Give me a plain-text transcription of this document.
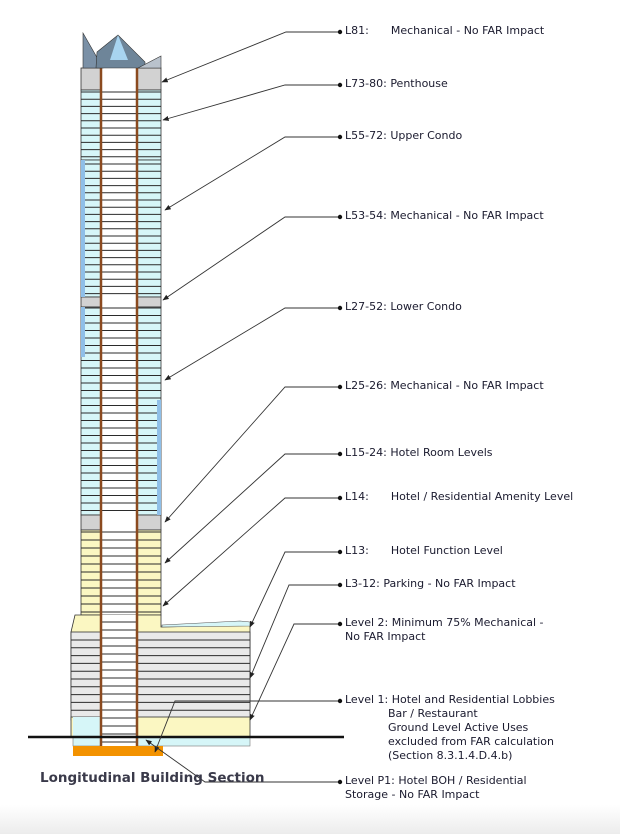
L81: Mechanical - No FAR Impact
L73-80: Penthouse
L55-72: Upper Condo
L53-54: Mechanical - No FAR Impact
L27-52: Lower Condo
L25-26: Mechanical - No FAR Impact
L15-24: Hotel Room Levels
L14: Hotel / Residential Amenity Level
L13: Hotel Function Level
L3-12: Parking - No FAR Impact
Level 2: Minimum 75% Mechanical -
No FAR Impact
Level 1: Hotel and Residential Lobbies
Bar / Restaurant
Ground Level Active Uses
excluded from FAR calculation
(Section 8.3.1.4.D.4.b)
Level P1: Hotel BOH / Residential
Storage - No FAR Impact
Longitudinal Building Section
